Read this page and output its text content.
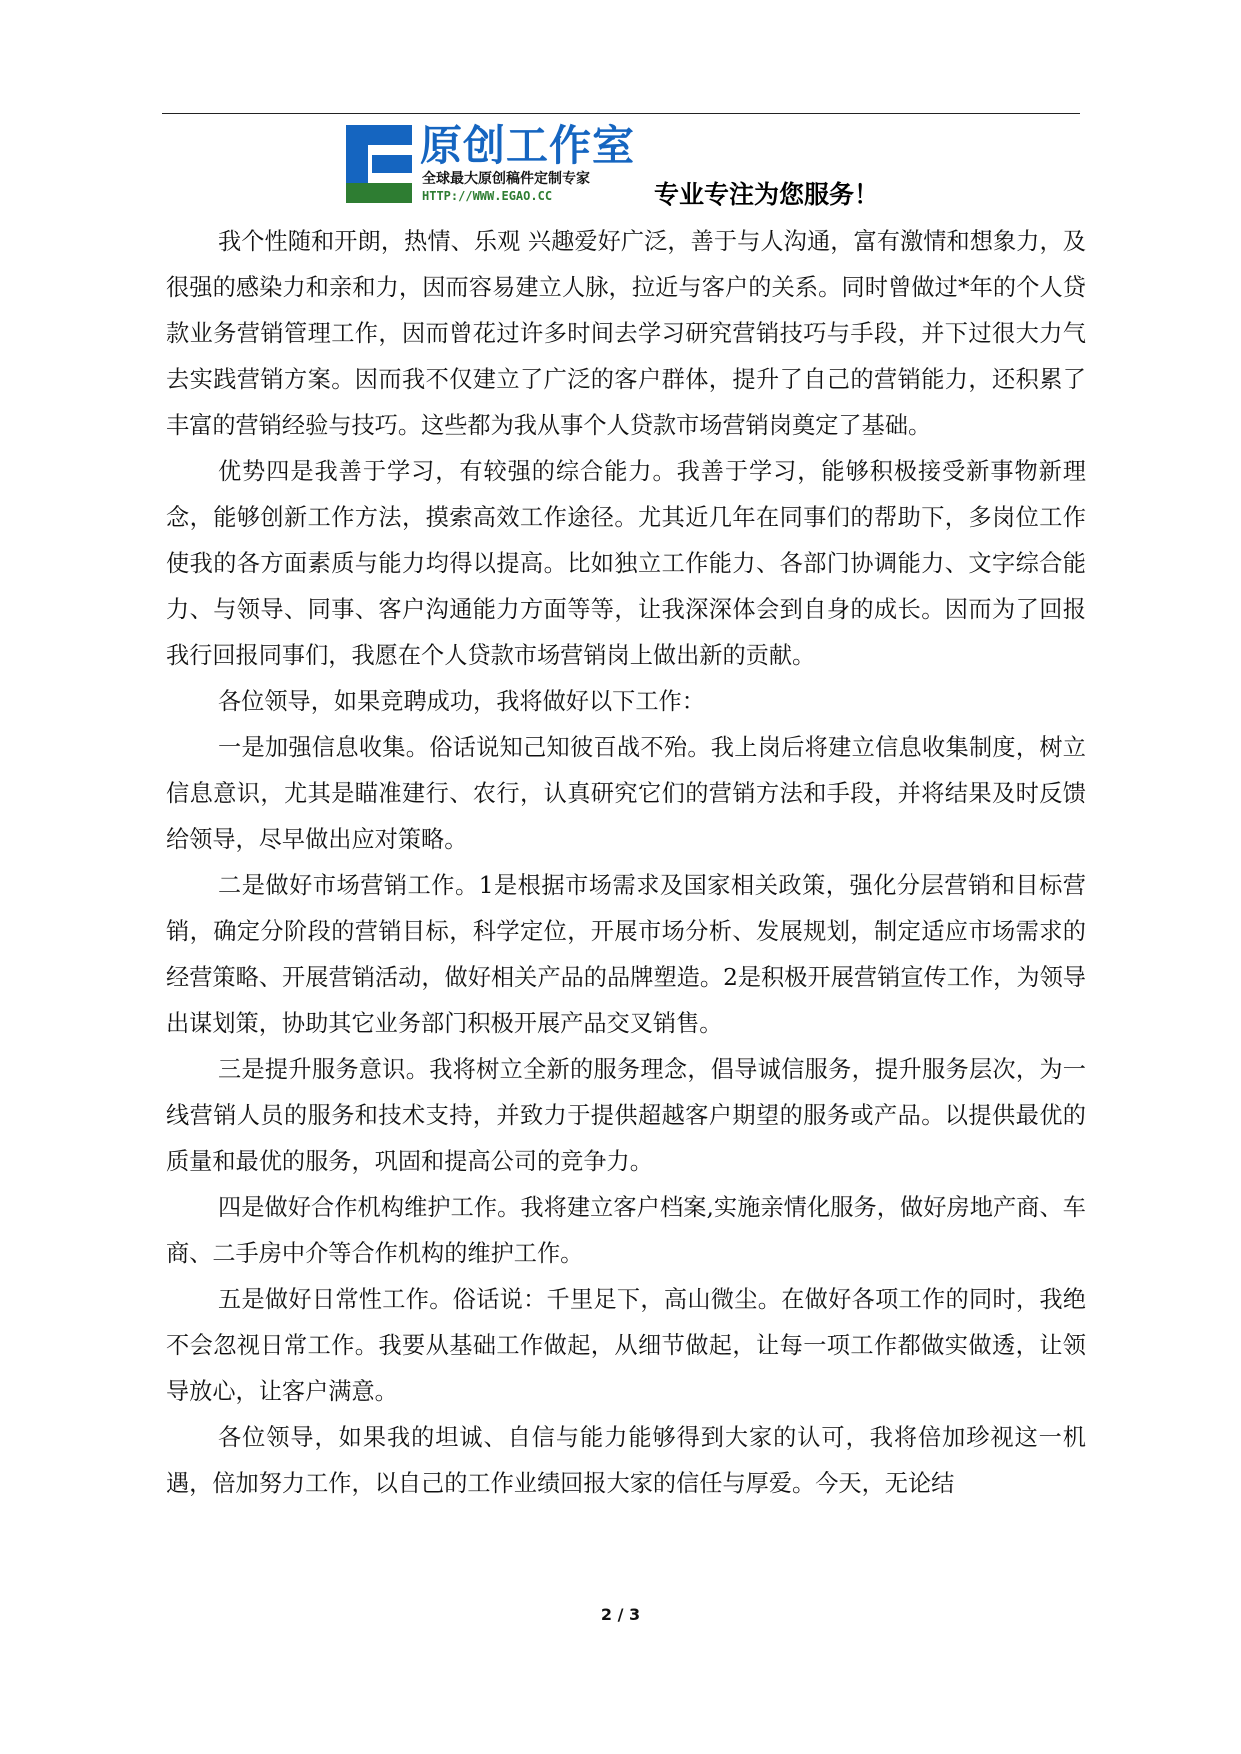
原创工作室
全球最大原创稿件定制专家
HTTP://WWW.EGAO.CC	专业专注为您服务！

我个性随和开朗，热情、乐观 兴趣爱好广泛，善于与人沟通，富有激情和想象力，及很强的感染力和亲和力，因而容易建立人脉，拉近与客户的关系。同时曾做过*年的个人贷款业务营销管理工作，因而曾花过许多时间去学习研究营销技巧与手段，并下过很大力气去实践营销方案。因而我不仅建立了广泛的客户群体，提升了自己的营销能力，还积累了丰富的营销经验与技巧。这些都为我从事个人贷款市场营销岗奠定了基础。

优势四是我善于学习，有较强的综合能力。我善于学习，能够积极接受新事物新理念，能够创新工作方法，摸索高效工作途径。尤其近几年在同事们的帮助下，多岗位工作使我的各方面素质与能力均得以提高。比如独立工作能力、各部门协调能力、文字综合能力、与领导、同事、客户沟通能力方面等等，让我深深体会到自身的成长。因而为了回报我行回报同事们，我愿在个人贷款市场营销岗上做出新的贡献。

各位领导，如果竞聘成功，我将做好以下工作：

一是加强信息收集。俗话说知己知彼百战不殆。我上岗后将建立信息收集制度，树立信息意识，尤其是瞄准建行、农行，认真研究它们的营销方法和手段，并将结果及时反馈给领导，尽早做出应对策略。

二是做好市场营销工作。1是根据市场需求及国家相关政策，强化分层营销和目标营销，确定分阶段的营销目标，科学定位，开展市场分析、发展规划，制定适应市场需求的经营策略、开展营销活动，做好相关产品的品牌塑造。2是积极开展营销宣传工作，为领导出谋划策，协助其它业务部门积极开展产品交叉销售。

三是提升服务意识。我将树立全新的服务理念，倡导诚信服务，提升服务层次，为一线营销人员的服务和技术支持，并致力于提供超越客户期望的服务或产品。以提供最优的质量和最优的服务，巩固和提高公司的竞争力。

四是做好合作机构维护工作。我将建立客户档案,实施亲情化服务，做好房地产商、车商、二手房中介等合作机构的维护工作。

五是做好日常性工作。俗话说：千里足下，高山微尘。在做好各项工作的同时，我绝不会忽视日常工作。我要从基础工作做起，从细节做起，让每一项工作都做实做透，让领导放心，让客户满意。

各位领导，如果我的坦诚、自信与能力能够得到大家的认可，我将倍加珍视这一机遇，倍加努力工作，以自己的工作业绩回报大家的信任与厚爱。今天，无论结

2 / 3
